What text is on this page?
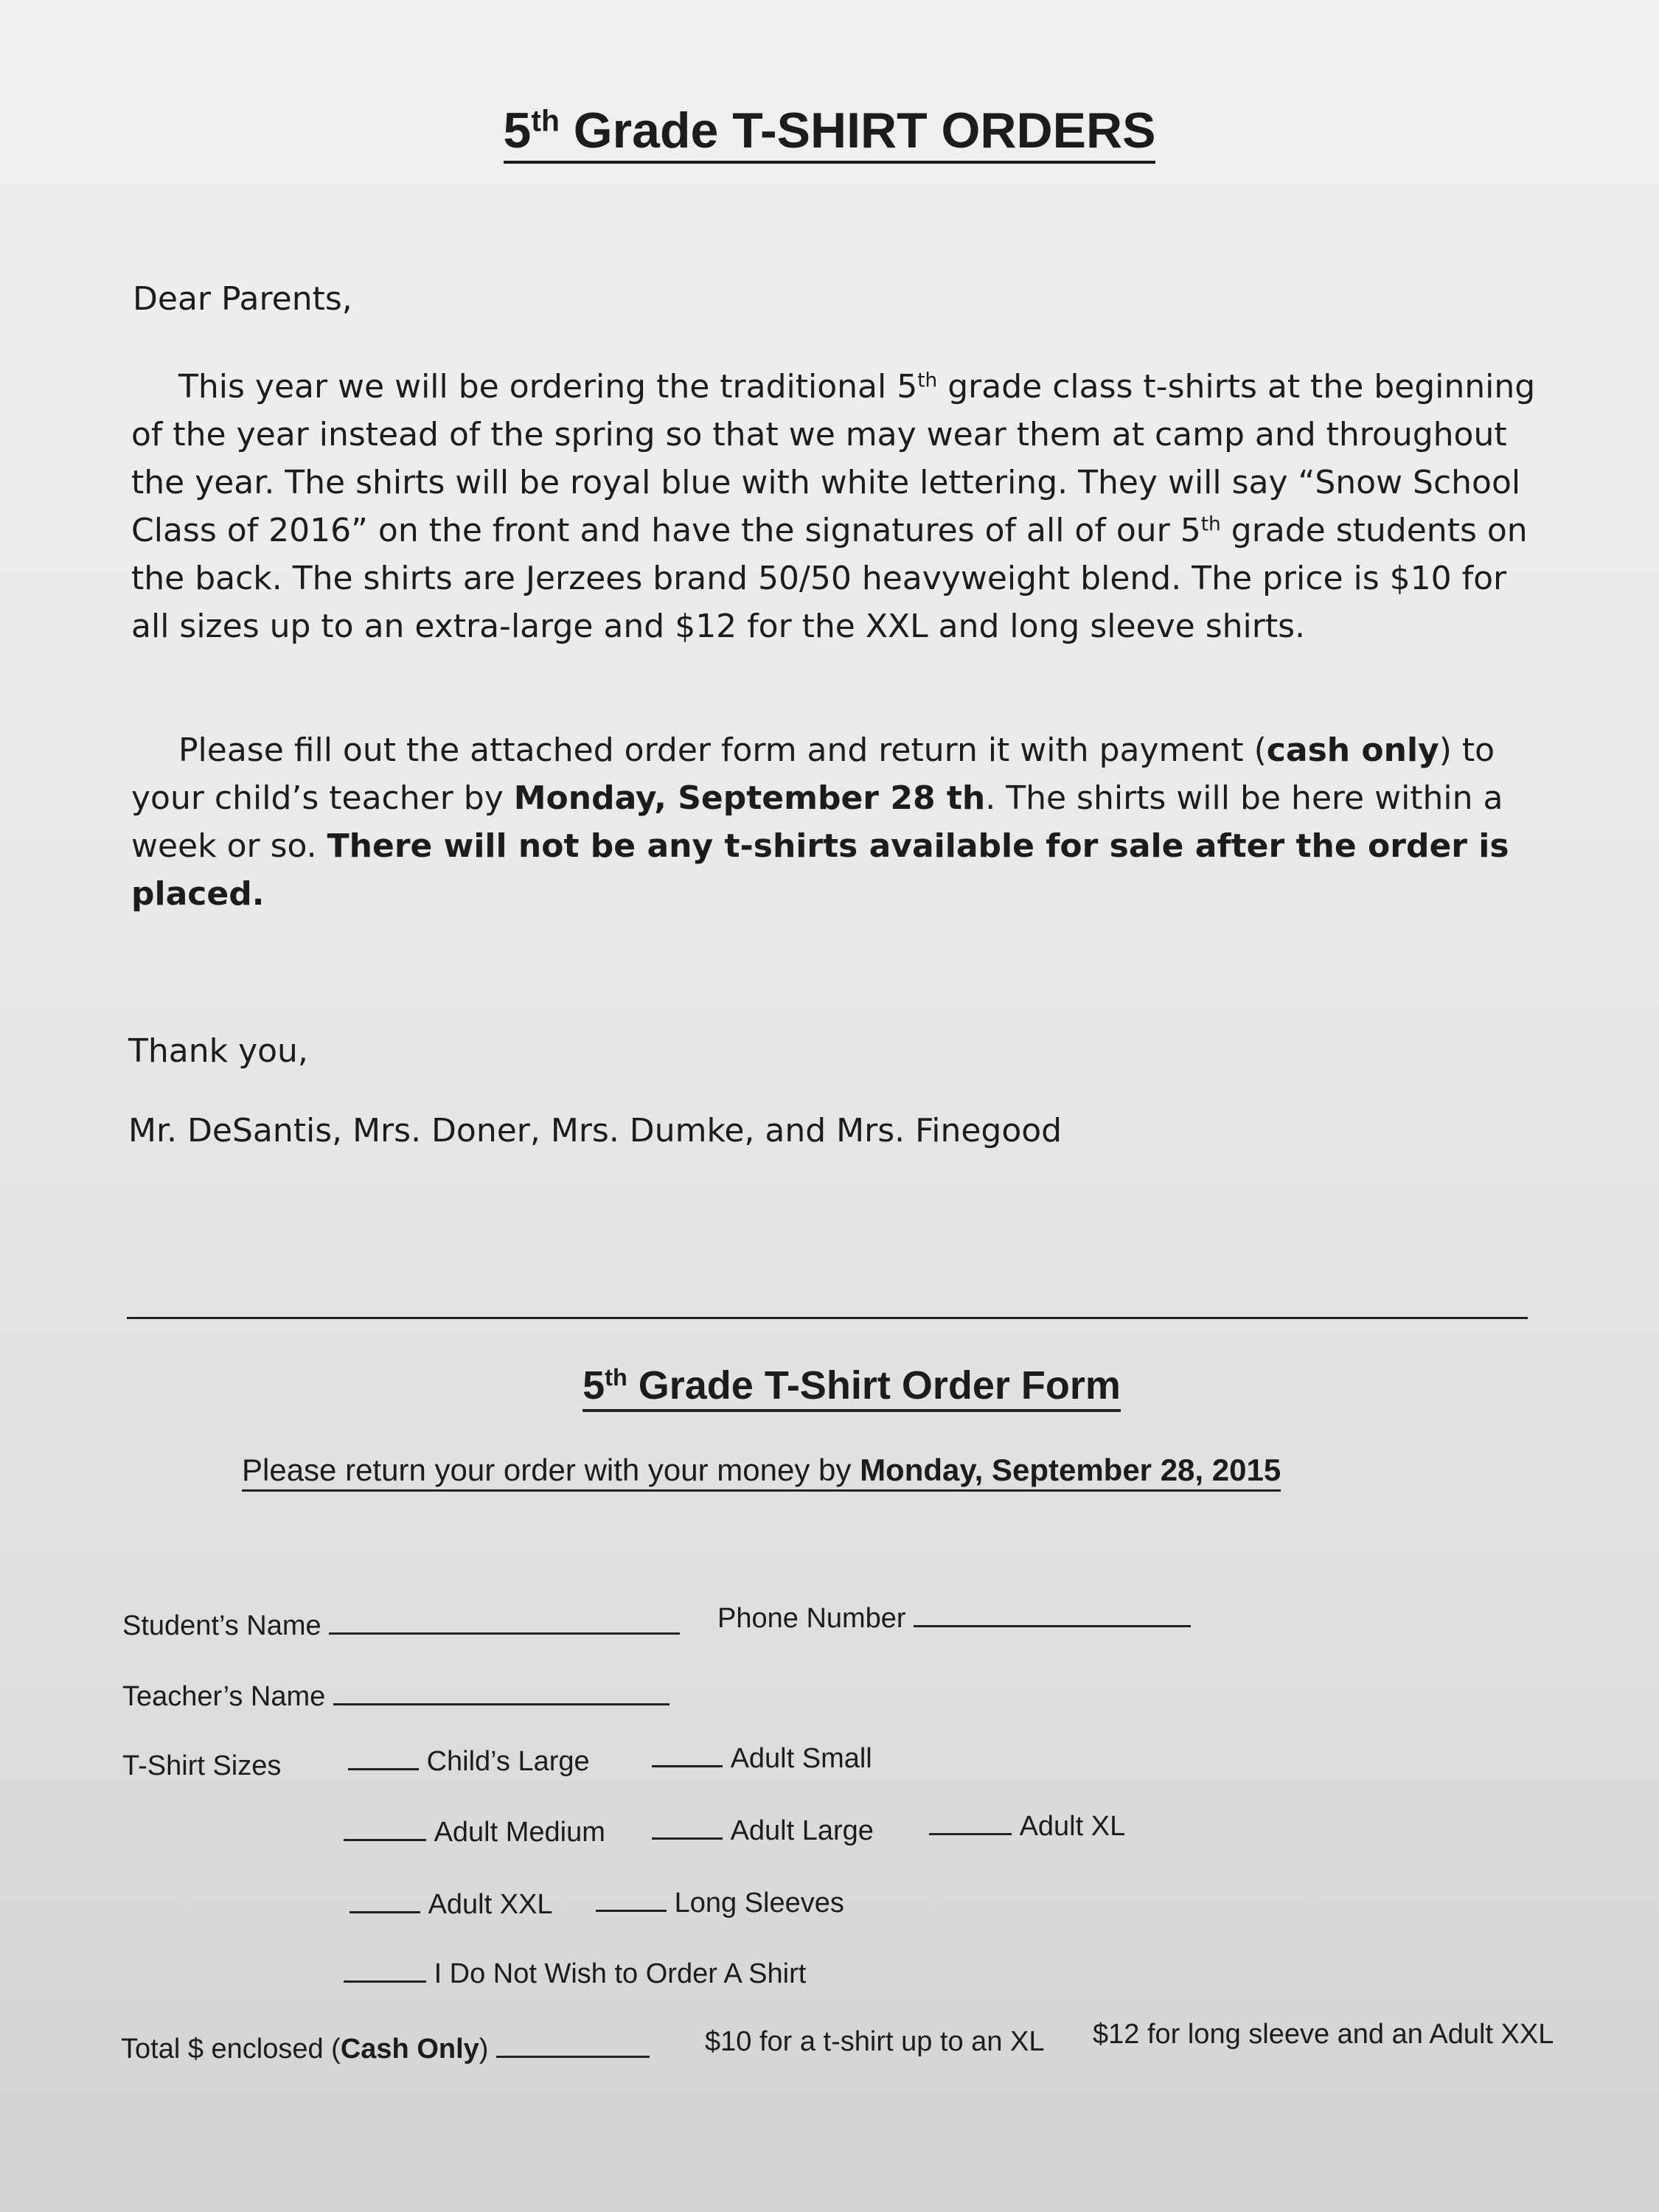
5th Grade T-SHIRT ORDERS
Dear Parents,
This year we will be ordering the traditional 5th grade class t-shirts at the beginning of the year instead of the spring so that we may wear them at camp and throughout the year. The shirts will be royal blue with white lettering. They will say “Snow School Class of 2016” on the front and have the signatures of all of our 5th grade students on the back. The shirts are Jerzees brand 50/50 heavyweight blend. The price is $10 for all sizes up to an extra-large and $12 for the XXL and long sleeve shirts.
Please fill out the attached order form and return it with payment (cash only) to your child’s teacher by Monday, September 28 th. The shirts will be here within a week or so. There will not be any t-shirts available for sale after the order is placed.
Thank you,
Mr. DeSantis, Mrs. Doner, Mrs. Dumke, and Mrs. Finegood
5th Grade T-Shirt Order Form
Please return your order with your money by Monday, September 28, 2015
Student’s Name	Phone Number
Teacher’s Name
T-Shirt Sizes	Child’s Large	Adult Small
Adult Medium	Adult Large	Adult XL
Adult XXL	Long Sleeves
I Do Not Wish to Order A Shirt
Total $ enclosed (Cash Only)	$10 for a t-shirt up to an XL $12 for long sleeve and an Adult XXL
